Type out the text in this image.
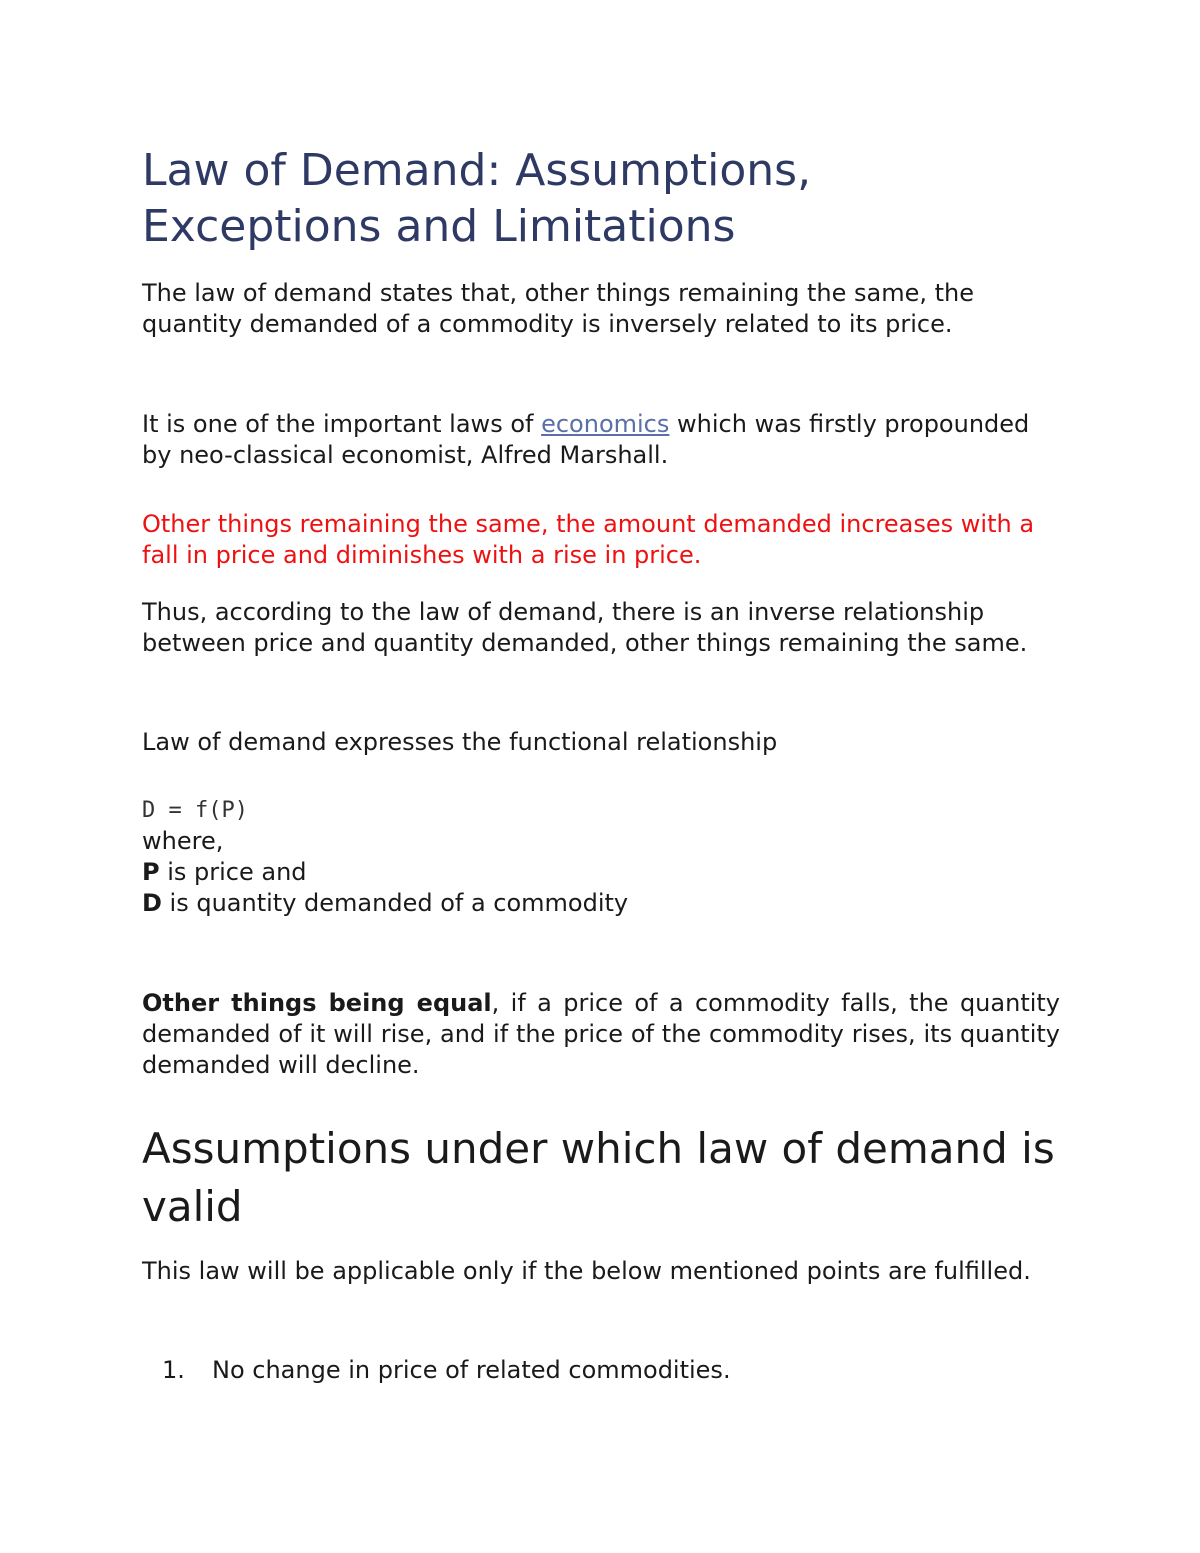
Law of Demand: Assumptions,
Exceptions and Limitations

The law of demand states that, other things remaining the same, the quantity demanded of a commodity is inversely related to its price.

It is one of the important laws of economics which was firstly propounded by neo-classical economist, Alfred Marshall.

Other things remaining the same, the amount demanded increases with a fall in price and diminishes with a rise in price.

Thus, according to the law of demand, there is an inverse relationship between price and quantity demanded, other things remaining the same.

Law of demand expresses the functional relationship

D = f(P)

where,

P is price and

D is quantity demanded of a commodity

Other things being equal, if a price of a commodity falls, the quantity demanded of it will rise, and if the price of the commodity rises, its quantity demanded will decline.

Assumptions under which law of demand is valid

This law will be applicable only if the below mentioned points are fulfilled.

1. No change in price of related commodities.
